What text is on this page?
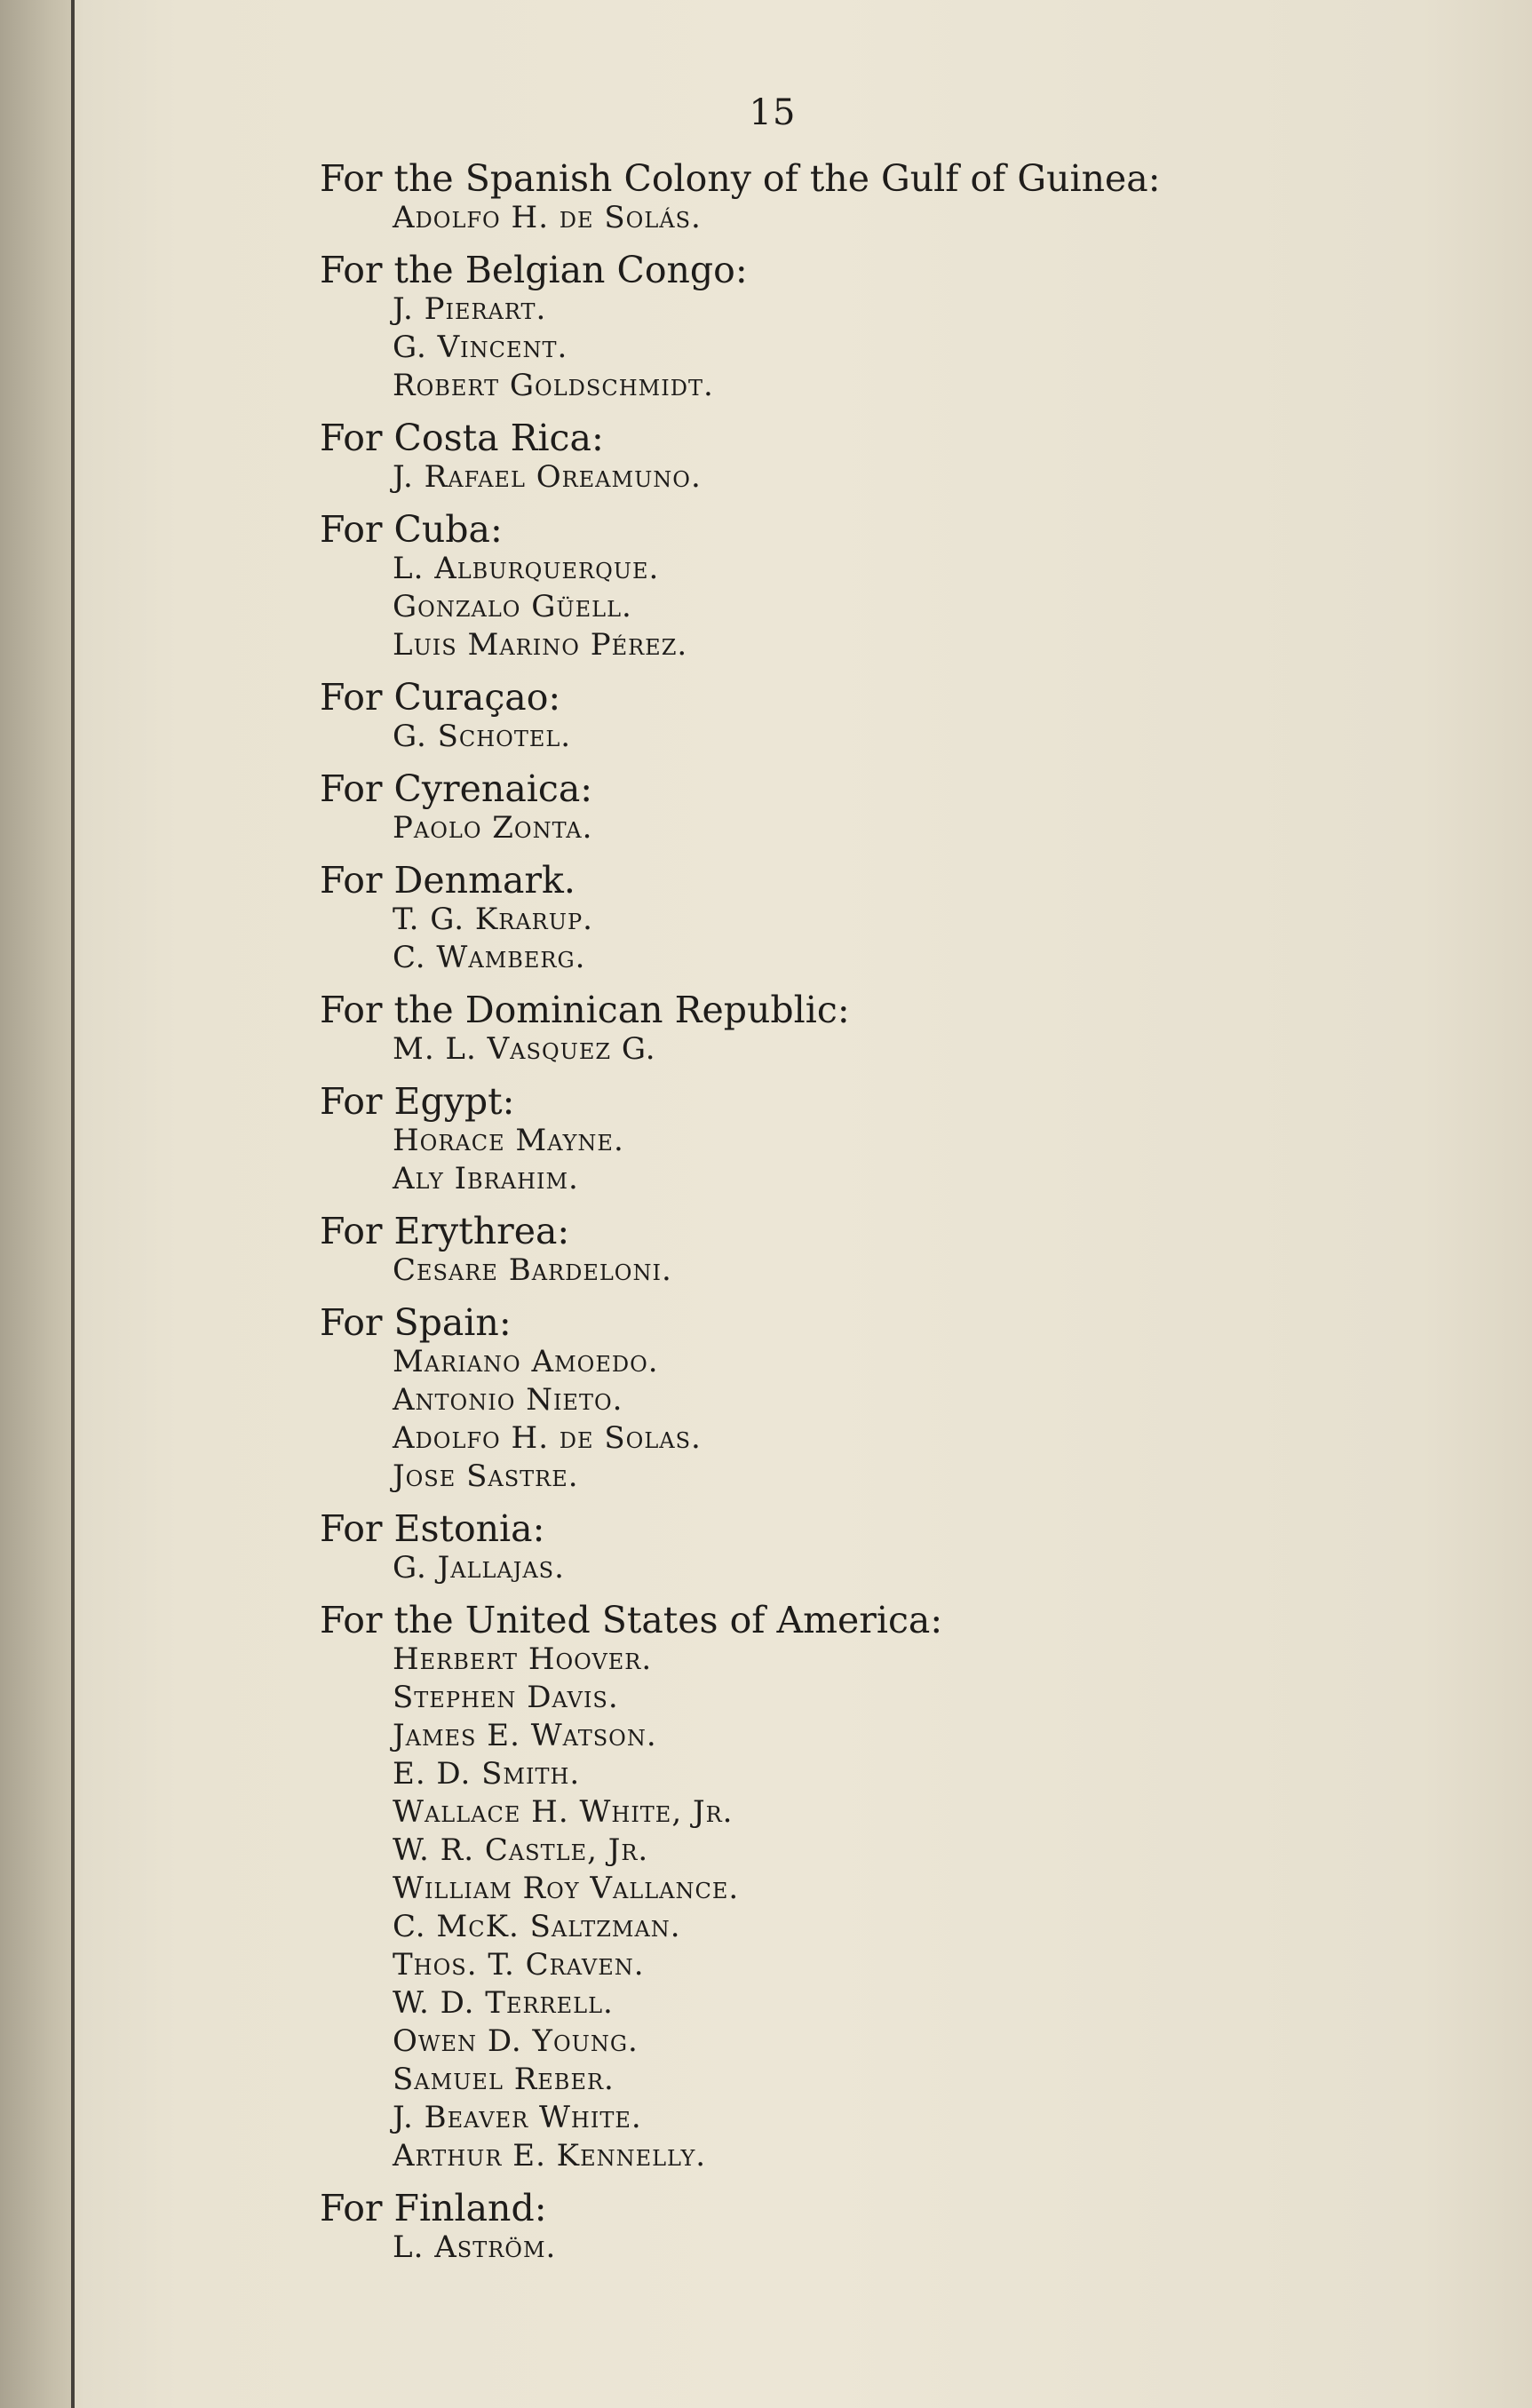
15
For the Spanish Colony of the Gulf of Guinea:
Adolfo H. de Solás.
For the Belgian Congo:
J. Pierart.
G. Vincent.
Robert Goldschmidt.
For Costa Rica:
J. Rafael Oreamuno.
For Cuba:
L. Alburquerque.
Gonzalo Güell.
Luis Marino Pérez.
For Curaçao:
G. Schotel.
For Cyrenaica:
Paolo Zonta.
For Denmark.
T. G. Krarup.
C. Wamberg.
For the Dominican Republic:
M. L. Vasquez G.
For Egypt:
Horace Mayne.
Aly Ibrahim.
For Erythrea:
Cesare Bardeloni.
For Spain:
Mariano Amoedo.
Antonio Nieto.
Adolfo H. de Solas.
Jose Sastre.
For Estonia:
G. Jallajas.
For the United States of America:
Herbert Hoover.
Stephen Davis.
James E. Watson.
E. D. Smith.
Wallace H. White, Jr.
W. R. Castle, Jr.
William Roy Vallance.
C. McK. Saltzman.
Thos. T. Craven.
W. D. Terrell.
Owen D. Young.
Samuel Reber.
J. Beaver White.
Arthur E. Kennelly.
For Finland:
L. Aström.
